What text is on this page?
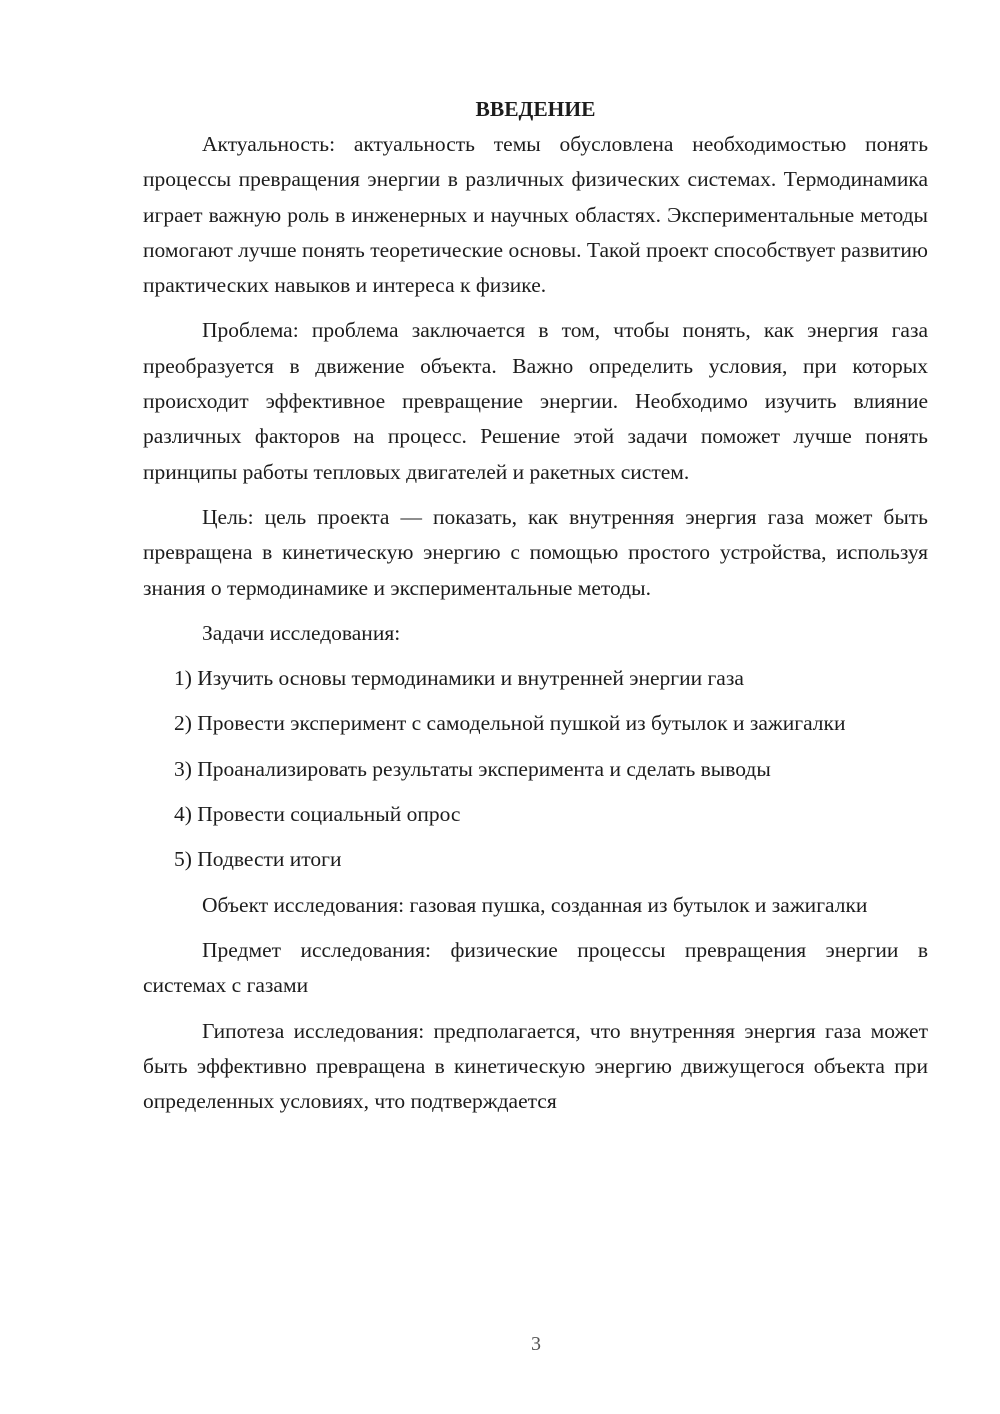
ВВЕДЕНИЕ

Актуальность: актуальность темы обусловлена необходимостью понять процессы превращения энергии в различных физических системах. Термодинамика играет важную роль в инженерных и научных областях. Экспериментальные методы помогают лучше понять теоретические основы. Такой проект способствует развитию практических навыков и интереса к физике.

Проблема: проблема заключается в том, чтобы понять, как энергия газа преобразуется в движение объекта. Важно определить условия, при которых происходит эффективное превращение энергии. Необходимо изучить влияние различных факторов на процесс. Решение этой задачи поможет лучше понять принципы работы тепловых двигателей и ракетных систем.

Цель: цель проекта — показать, как внутренняя энергия газа может быть превращена в кинетическую энергию с помощью простого устройства, используя знания о термодинамике и экспериментальные методы.

Задачи исследования:

1) Изучить основы термодинамики и внутренней энергии газа

2) Провести эксперимент с самодельной пушкой из бутылок и зажигалки

3) Проанализировать результаты эксперимента и сделать выводы

4) Провести социальный опрос

5) Подвести итоги

Объект исследования: газовая пушка, созданная из бутылок и зажигалки

Предмет исследования: физические процессы превращения энергии в системах с газами

Гипотеза исследования: предполагается, что внутренняя энергия газа может быть эффективно превращена в кинетическую энергию движущегося объекта при определенных условиях, что подтверждается

3
